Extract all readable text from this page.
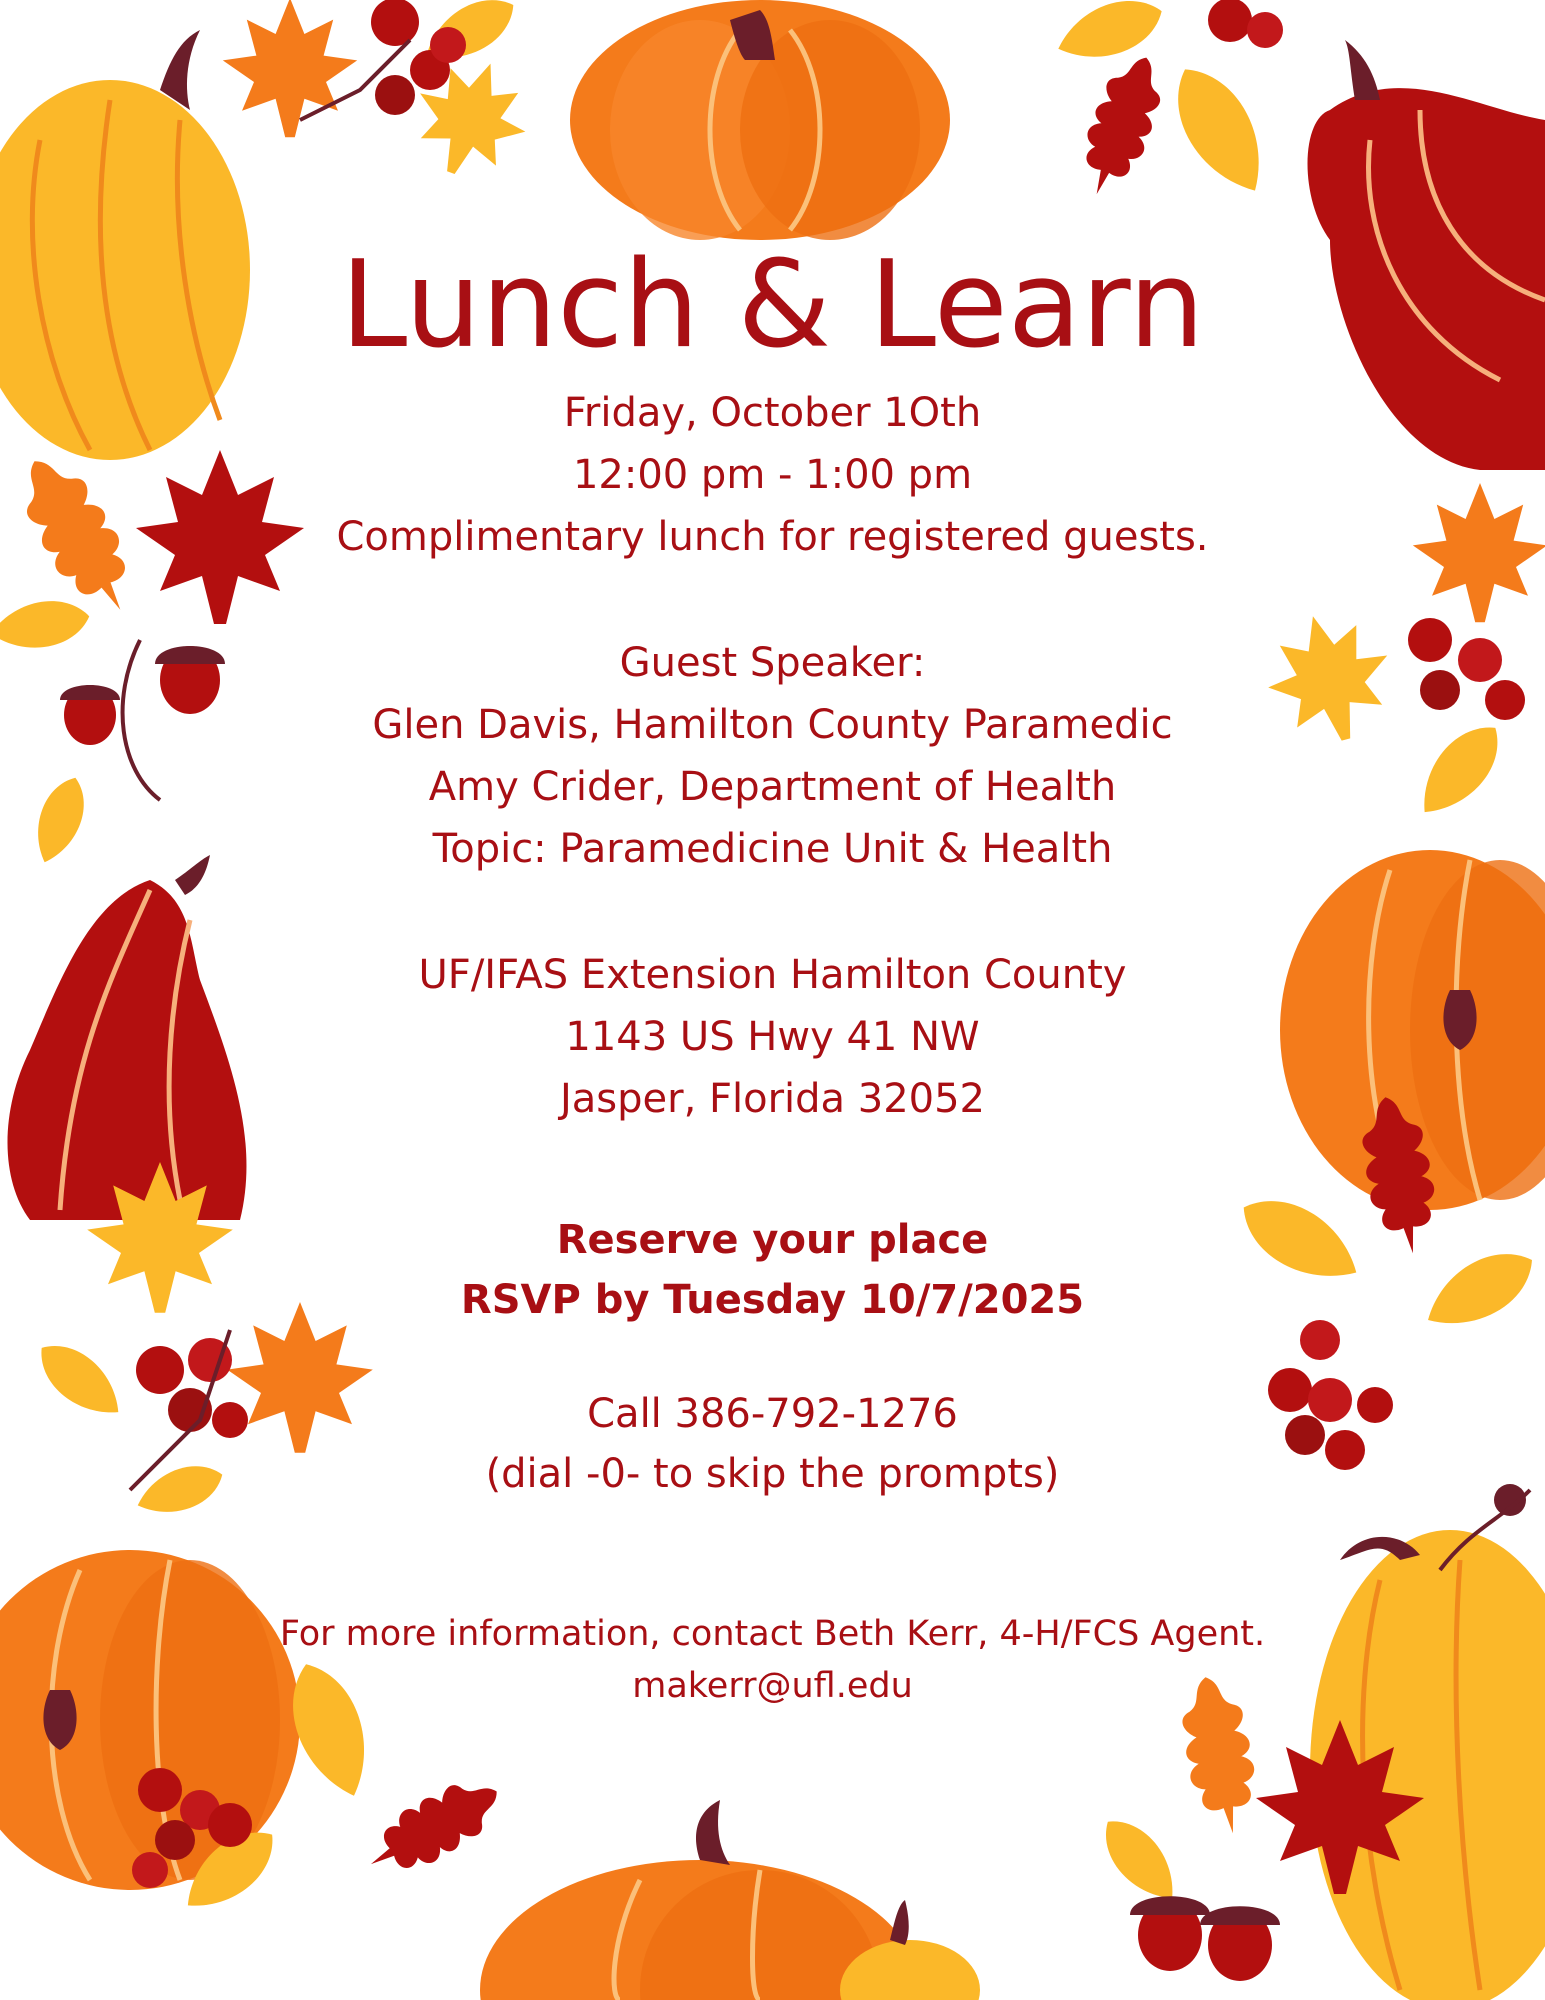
Lunch & Learn
Friday, October 1Oth
12:00 pm - 1:00 pm
Complimentary lunch for registered guests.
Guest Speaker:
Glen Davis, Hamilton County Paramedic
Amy Crider, Department of Health
Topic: Paramedicine Unit & Health
UF/IFAS Extension Hamilton County
1143 US Hwy 41 NW
Jasper, Florida 32052
Reserve your place
RSVP by Tuesday 10/7/2025
Call 386-792-1276
(dial -0- to skip the prompts)
For more information, contact Beth Kerr, 4-H/FCS Agent.
makerr@ufl.edu
